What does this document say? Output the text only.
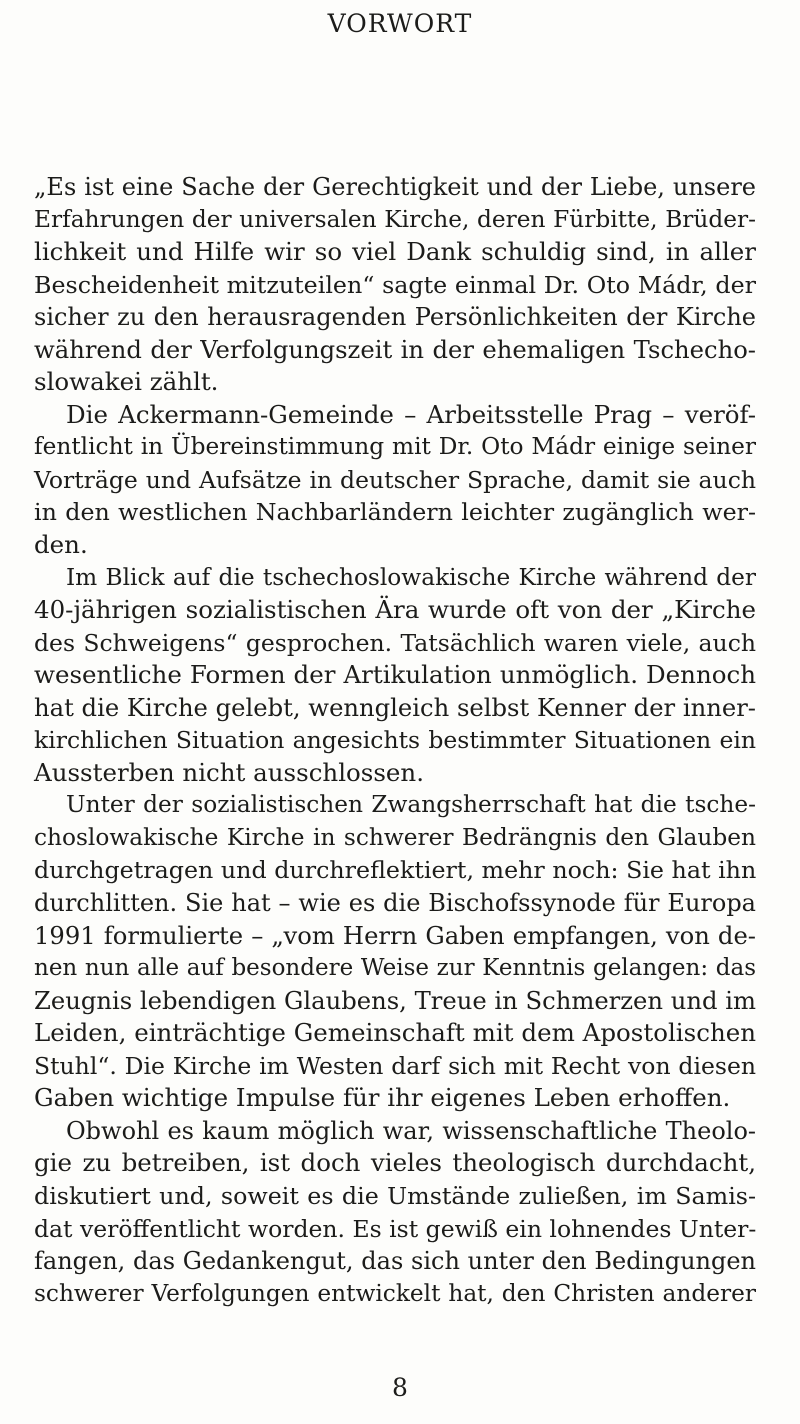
VORWORT
„Es ist eine Sache der Gerechtigkeit und der Liebe, unsere
Erfahrungen der universalen Kirche, deren Fürbitte, Brüder-
lichkeit und Hilfe wir so viel Dank schuldig sind, in aller
Bescheidenheit mitzuteilen“ sagte einmal Dr. Oto Mádr, der
sicher zu den herausragenden Persönlichkeiten der Kirche
während der Verfolgungszeit in der ehemaligen Tschecho-
slowakei zählt.
Die Ackermann-Gemeinde – Arbeitsstelle Prag – veröf-
fentlicht in Übereinstimmung mit Dr. Oto Mádr einige seiner
Vorträge und Aufsätze in deutscher Sprache, damit sie auch
in den westlichen Nachbarländern leichter zugänglich wer-
den.
Im Blick auf die tschechoslowakische Kirche während der
40-jährigen sozialistischen Ära wurde oft von der „Kirche
des Schweigens“ gesprochen. Tatsächlich waren viele, auch
wesentliche Formen der Artikulation unmöglich. Dennoch
hat die Kirche gelebt, wenngleich selbst Kenner der inner-
kirchlichen Situation angesichts bestimmter Situationen ein
Aussterben nicht ausschlossen.
Unter der sozialistischen Zwangsherrschaft hat die tsche-
choslowakische Kirche in schwerer Bedrängnis den Glauben
durchgetragen und durchreflektiert, mehr noch: Sie hat ihn
durchlitten. Sie hat – wie es die Bischofssynode für Europa
1991 formulierte – „vom Herrn Gaben empfangen, von de-
nen nun alle auf besondere Weise zur Kenntnis gelangen: das
Zeugnis lebendigen Glaubens, Treue in Schmerzen und im
Leiden, einträchtige Gemeinschaft mit dem Apostolischen
Stuhl“. Die Kirche im Westen darf sich mit Recht von diesen
Gaben wichtige Impulse für ihr eigenes Leben erhoffen.
Obwohl es kaum möglich war, wissenschaftliche Theolo-
gie zu betreiben, ist doch vieles theologisch durchdacht,
diskutiert und, soweit es die Umstände zuließen, im Samis-
dat veröffentlicht worden. Es ist gewiß ein lohnendes Unter-
fangen, das Gedankengut, das sich unter den Bedingungen
schwerer Verfolgungen entwickelt hat, den Christen anderer
8
